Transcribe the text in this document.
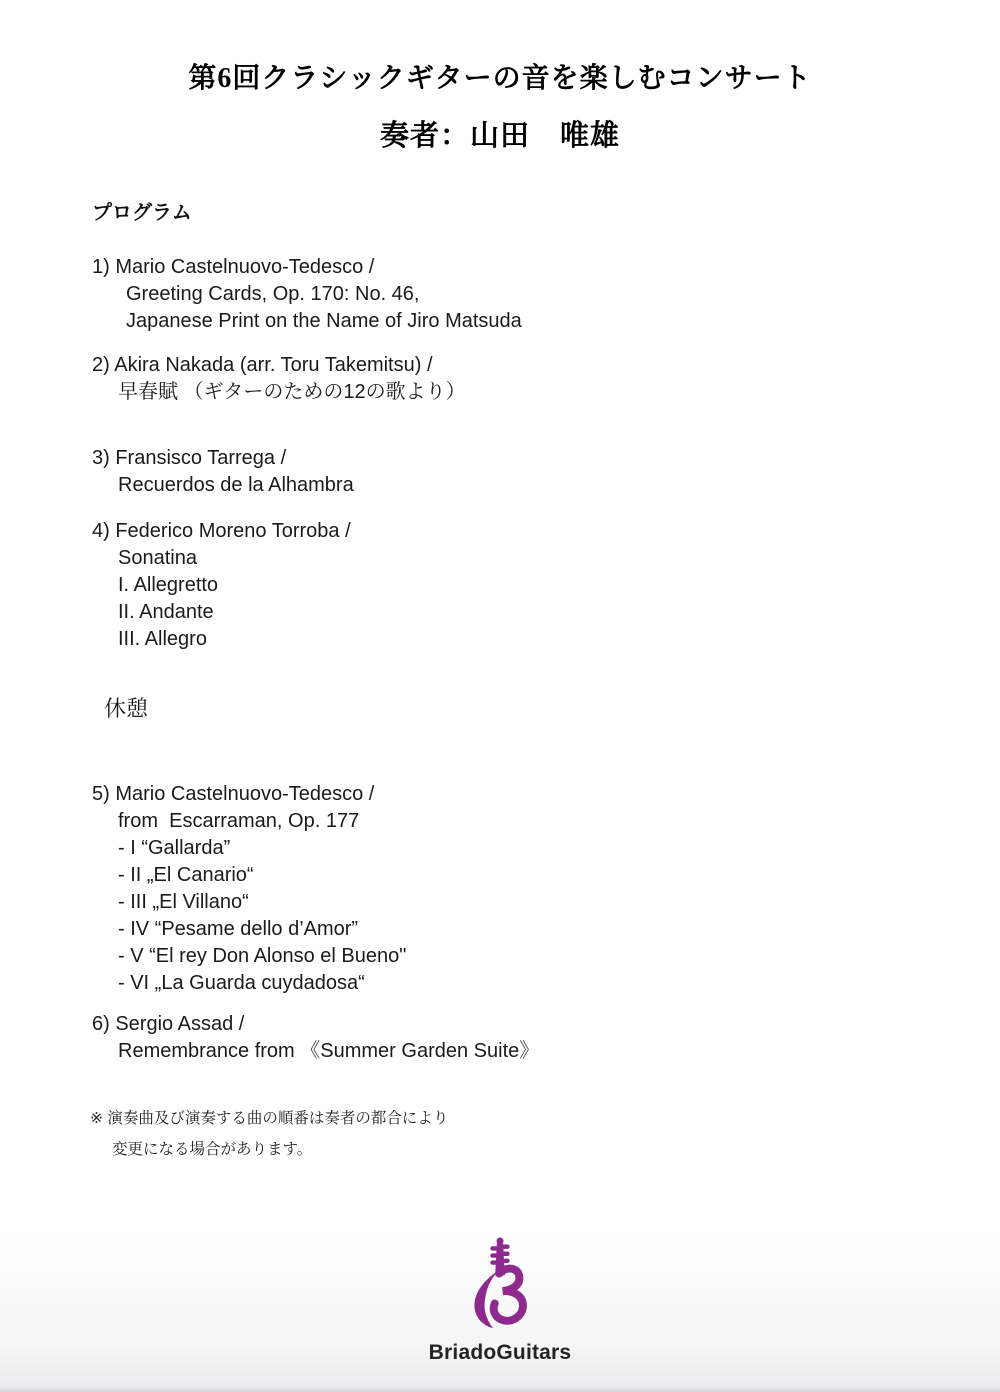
第6回クラシックギターの音を楽しむコンサート
奏者：山田　唯雄
プログラム
1) Mario Castelnuovo-Tedesco /
Greeting Cards, Op. 170: No. 46,
Japanese Print on the Name of Jiro Matsuda
2) Akira Nakada (arr. Toru Takemitsu) /
早春賦 （ギターのための12の歌より）
3) Fransisco Tarrega /
Recuerdos de la Alhambra
4) Federico Moreno Torroba /
Sonatina
I. Allegretto
II. Andante
III. Allegro
休憩
5) Mario Castelnuovo-Tedesco /
from  Escarraman, Op. 177
- I “Gallarda”
- II „El Canario“
- III „El Villano“
- IV “Pesame dello d’Amor”
- V “El rey Don Alonso el Bueno"
- VI „La Guarda cuydadosa“
6) Sergio Assad /
Remembrance from 《Summer Garden Suite》
※ 演奏曲及び演奏する曲の順番は奏者の都合により
変更になる場合があります。
BriadoGuitars
